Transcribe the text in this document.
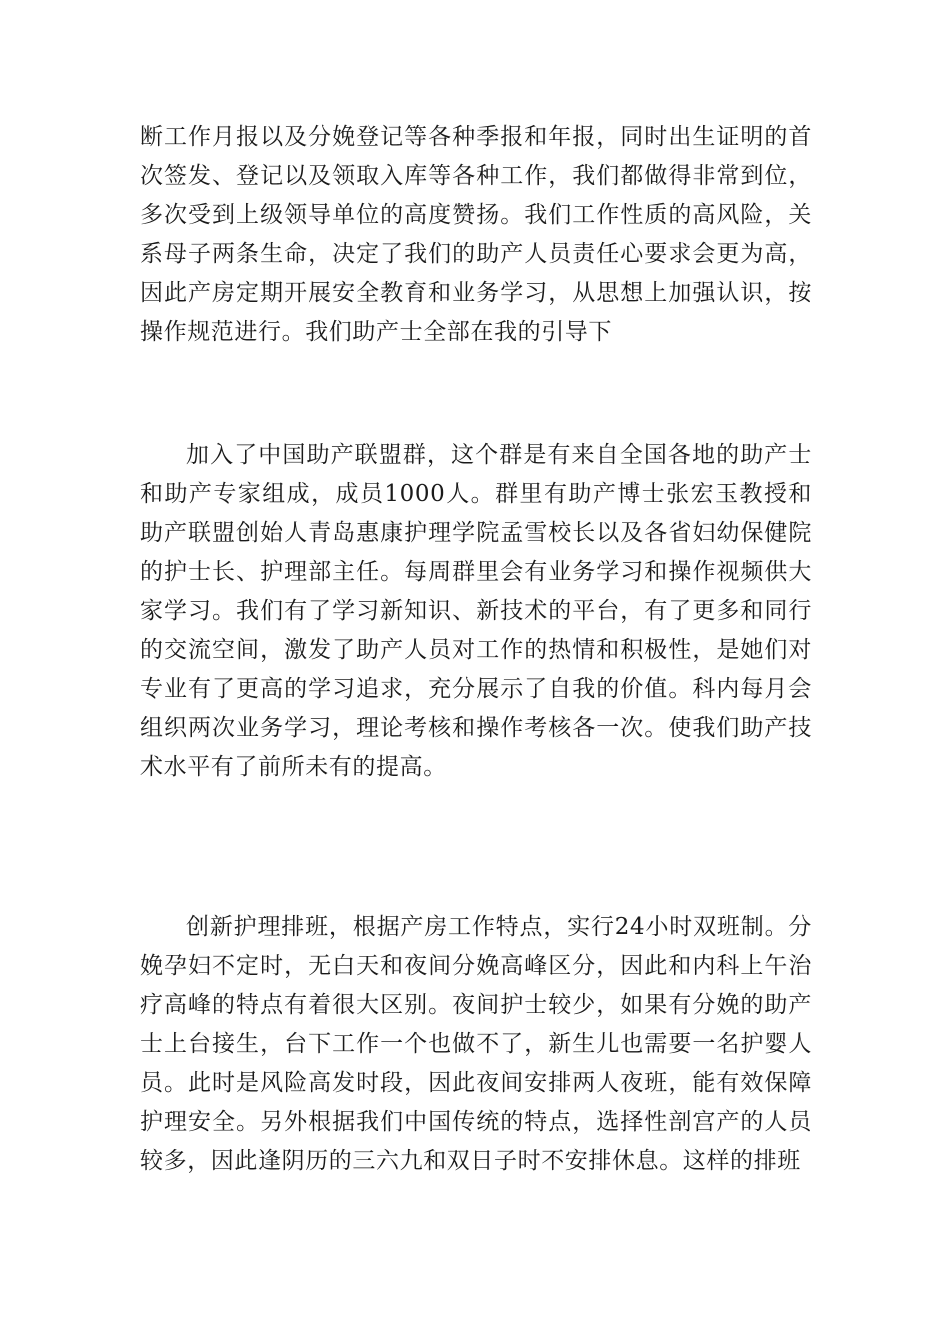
断工作月报以及分娩登记等各种季报和年报，同时出生证明的首次签发、登记以及领取入库等各种工作，我们都做得非常到位，多次受到上级领导单位的高度赞扬。我们工作性质的高风险，关系母子两条生命，决定了我们的助产人员责任心要求会更为高，因此产房定期开展安全教育和业务学习，从思想上加强认识，按操作规范进行。我们助产士全部在我的引导下

加入了中国助产联盟群，这个群是有来自全国各地的助产士和助产专家组成，成员1000人。群里有助产博士张宏玉教授和助产联盟创始人青岛惠康护理学院孟雪校长以及各省妇幼保健院的护士长、护理部主任。每周群里会有业务学习和操作视频供大家学习。我们有了学习新知识、新技术的平台，有了更多和同行的交流空间，激发了助产人员对工作的热情和积极性，是她们对专业有了更高的学习追求，充分展示了自我的价值。科内每月会组织两次业务学习，理论考核和操作考核各一次。使我们助产技术水平有了前所未有的提高。

创新护理排班，根据产房工作特点，实行24小时双班制。分娩孕妇不定时，无白天和夜间分娩高峰区分，因此和内科上午治疗高峰的特点有着很大区别。夜间护士较少，如果有分娩的助产士上台接生，台下工作一个也做不了，新生儿也需要一名护婴人员。此时是风险高发时段，因此夜间安排两人夜班，能有效保障护理安全。另外根据我们中国传统的特点，选择性剖宫产的人员较多，因此逢阴历的三六九和双日子时不安排休息。这样的排班
